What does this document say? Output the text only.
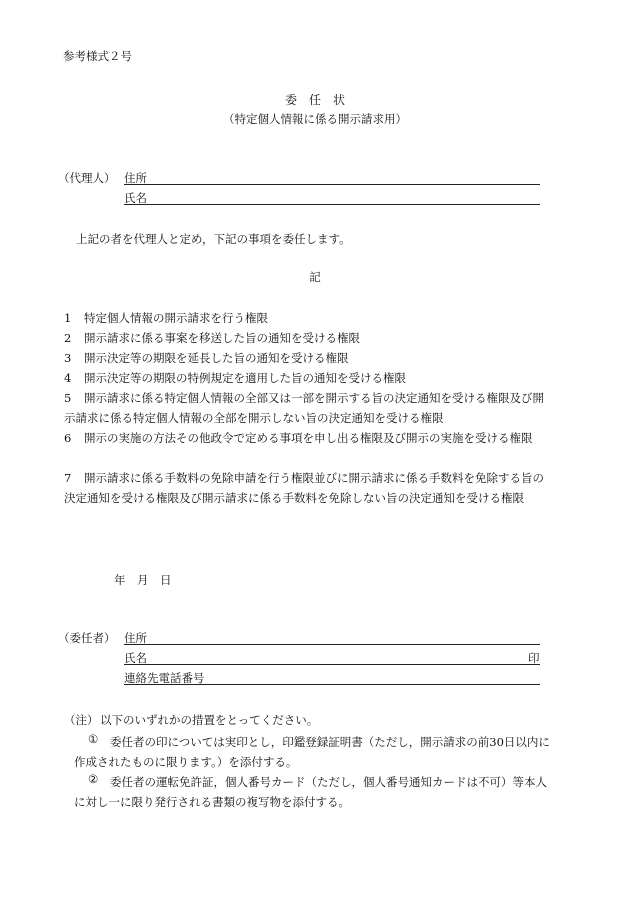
参考様式２号
委　任　状
（特定個人情報に係る開示請求用）
（代理人） 住所
氏名
上記の者を代理人と定め，下記の事項を委任します。
記
1 特定個人情報の開示請求を行う権限
2 開示請求に係る事案を移送した旨の通知を受ける権限
3 開示決定等の期限を延長した旨の通知を受ける権限
4 開示決定等の期限の特例規定を適用した旨の通知を受ける権限
5	開示請求に係る特定個人情報の全部又は一部を開示する旨の決定通知を受ける権限及び開示請求に係る特定個人情報の全部を開示しない旨の決定通知を受ける権限
6	開示の実施の方法その他政令で定める事項を申し出る権限及び開示の実施を受ける権限
7	開示請求に係る手数料の免除申請を行う権限並びに開示請求に係る手数料を免除する旨の決定通知を受ける権限及び開示請求に係る手数料を免除しない旨の決定通知を受ける権限
年　月　日
（委任者） 住所
氏名	印
連絡先電話番号
（注） 以下のいずれかの措置をとってください。
①	委任者の印については実印とし，印鑑登録証明書（ただし，開示請求の前30日以内に作成されたものに限ります。）を添付する。
②	委任者の運転免許証，個人番号カード（ただし，個人番号通知カードは不可）等本人に対し一に限り発行される書類の複写物を添付する。
